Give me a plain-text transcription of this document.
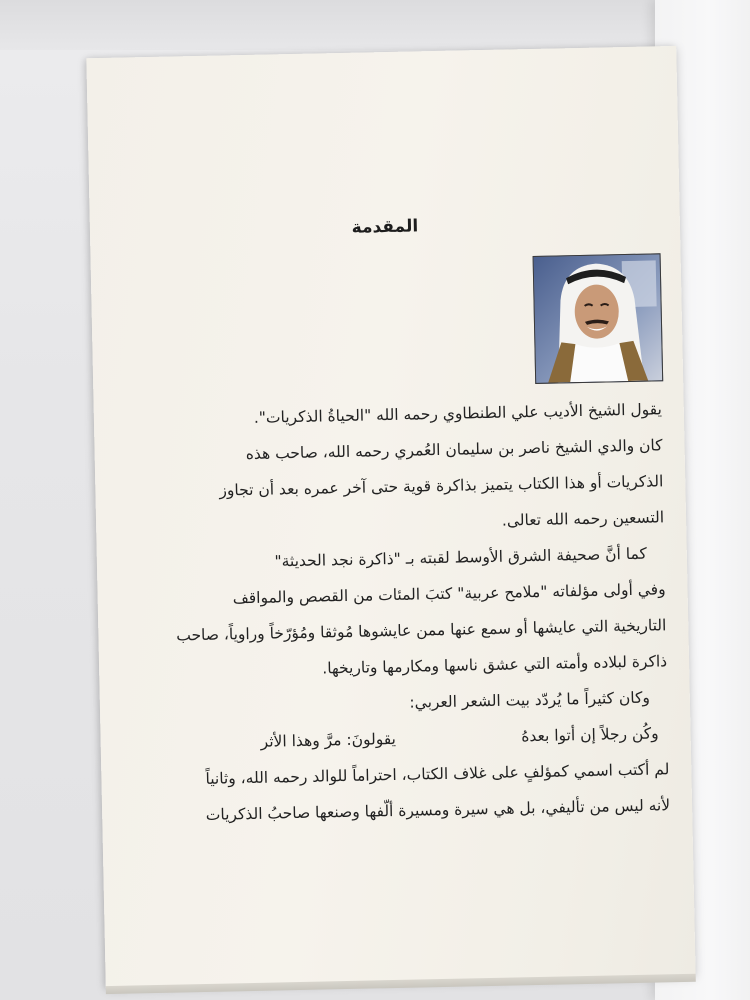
المقدمة
يقول الشيخ الأديب علي الطنطاوي رحمه الله "الحياةُ الذكريات".
كان والدي الشيخ ناصر بن سليمان العُمري رحمه الله، صاحب هذه
الذكريات أو هذا الكتاب يتميز بذاكرة قوية حتى آخر عمره بعد أن تجاوز
التسعين رحمه الله تعالى.
كما أنَّ صحيفة الشرق الأوسط لقبته بـ "ذاكرة نجد الحديثة"
وفي أولى مؤلفاته "ملامح عربية" كتبَ المئات من القصص والمواقف
التاريخية التي عايشها أو سمع عنها ممن عايشوها مُوثقا ومُؤرّخاً وراوياً، صاحب
ذاكرة لبلاده وأمته التي عشق ناسها ومكارمها وتاريخها.
وكان كثيراً ما يُردّد بيت الشعر العربي:
وكُن رجلاً إن أتوا بعدهُ
يقولونَ: مرَّ وهذا الأثر
لم أكتب اسمي كمؤلفٍ على غلاف الكتاب، احتراماً للوالد رحمه الله، وثانياً
لأنه ليس من تأليفي، بل هي سيرة ومسيرة ألّفها وصنعها صاحبُ الذكريات
